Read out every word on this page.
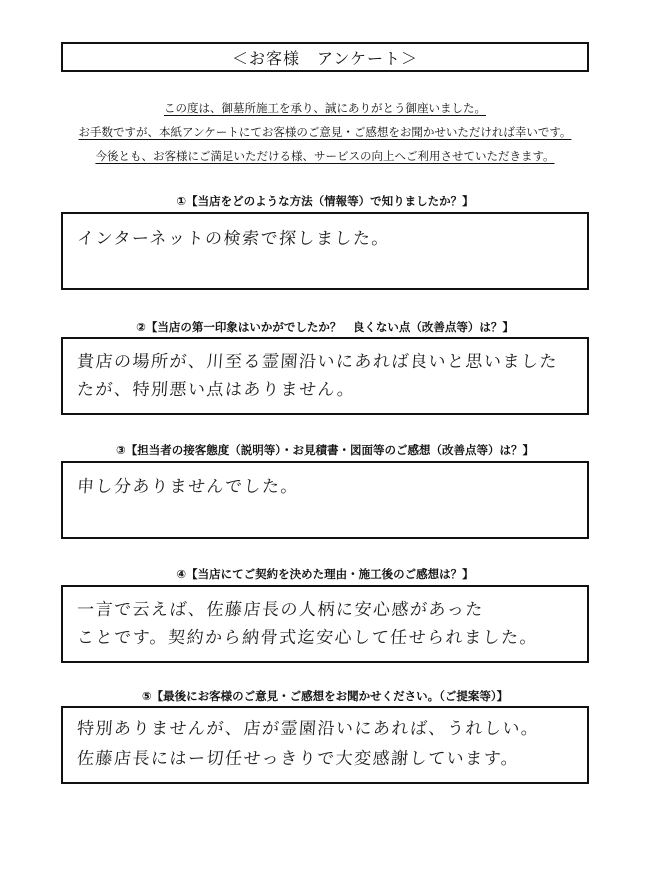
＜お客様　アンケート＞
この度は、御墓所施工を承り、誠にありがとう御座いました。
お手数ですが、本紙アンケートにてお客様のご意見・ご感想をお聞かせいただければ幸いです。
今後とも、お客様にご満足いただける様、サービスの向上へご利用させていただきます。
①【当店をどのような方法（情報等）で知りましたか？】
インターネットの検索で探しました。
②【当店の第一印象はいかがでしたか？　良くない点（改善点等）は？】
貴店の場所が、川至る霊園沿いにあれば良いと思いました
たが、特別悪い点はありません。
③【担当者の接客態度（説明等）・お見積書・図面等のご感想（改善点等）は？】
申し分ありませんでした。
④【当店にてご契約を決めた理由・施工後のご感想は？】
一言で云えば、佐藤店長の人柄に安心感があった
ことです。契約から納骨式迄安心して任せられました。
⑤【最後にお客様のご意見・ご感想をお聞かせください。（ご提案等）】
特別ありませんが、店が霊園沿いにあれば、うれしい。
佐藤店長にはー切任せっきりで大変感謝しています。
